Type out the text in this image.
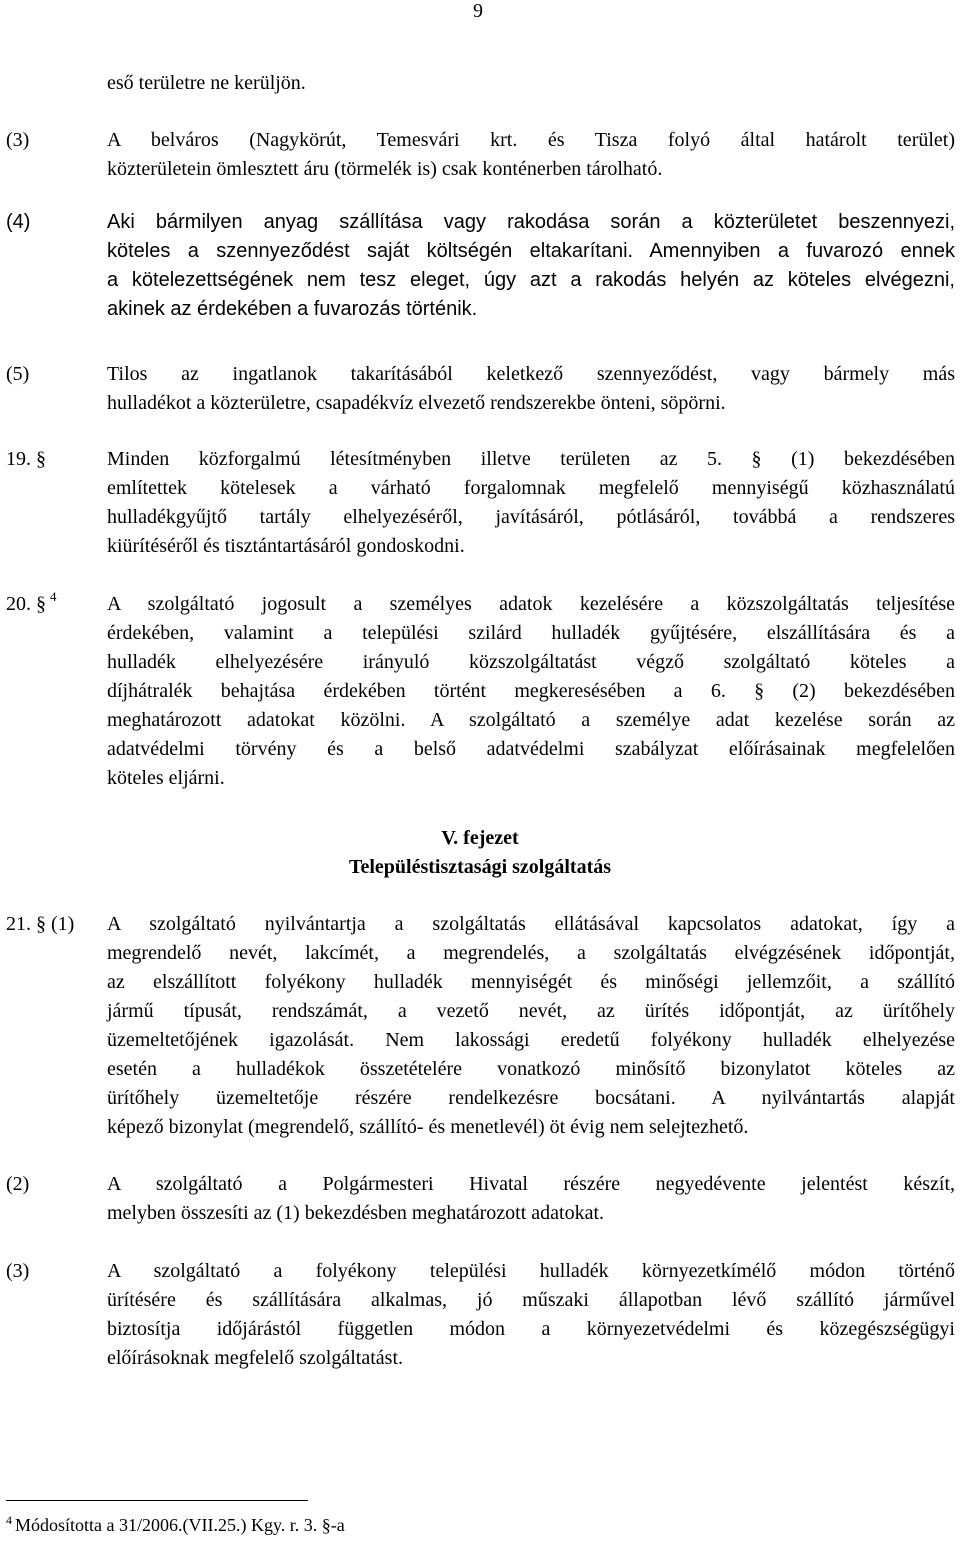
9
eső területre ne kerüljön.
(3)	A belváros (Nagykörút, Temesvári krt. és Tisza folyó által határolt terület)
közterületein ömlesztett áru (törmelék is) csak konténerben tárolható.
(4)	Aki bármilyen anyag szállítása vagy rakodása során a közterületet beszennyezi,
köteles a szennyeződést saját költségén eltakarítani. Amennyiben a fuvarozó ennek
a kötelezettségének nem tesz eleget, úgy azt a rakodás helyén az köteles elvégezni,
akinek az érdekében a fuvarozás történik.
(5)	Tilos az ingatlanok takarításából keletkező szennyeződést, vagy bármely más
hulladékot a közterületre, csapadékvíz elvezető rendszerekbe önteni, söpörni.
19. §	Minden közforgalmú létesítményben illetve területen az 5. § (1) bekezdésében
említettek kötelesek a várható forgalomnak megfelelő mennyiségű közhasználatú
hulladékgyűjtő tartály elhelyezéséről, javításáról, pótlásáról, továbbá a rendszeres
kiürítéséről és tisztántartásáról gondoskodni.
20. § $^4$	A szolgáltató jogosult a személyes adatok kezelésére a közszolgáltatás teljesítése
érdekében, valamint a települési szilárd hulladék gyűjtésére, elszállítására és a
hulladék elhelyezésére irányuló közszolgáltatást végző szolgáltató köteles a
díjhátralék behajtása érdekében történt megkeresésében a 6. § (2) bekezdésében
meghatározott adatokat közölni. A szolgáltató a személye adat kezelése során az
adatvédelmi törvény és a belső adatvédelmi szabályzat előírásainak megfelelően
köteles eljárni.
21. § (1) A szolgáltató nyilvántartja a szolgáltatás ellátásával kapcsolatos adatokat, így a
megrendelő nevét, lakcímét, a megrendelés, a szolgáltatás elvégzésének időpontját,
az elszállított folyékony hulladék mennyiségét és minőségi jellemzőit, a szállító
jármű típusát, rendszámát, a vezető nevét, az ürítés időpontját, az ürítőhely
üzemeltetőjének igazolását. Nem lakossági eredetű folyékony hulladék elhelyezése
esetén a hulladékok összetételére vonatkozó minősítő bizonylatot köteles az
ürítőhely üzemeltetője részére rendelkezésre bocsátani. A nyilvántartás alapját
képező bizonylat (megrendelő, szállító- és menetlevél) öt évig nem selejtezhető.
(2)	A szolgáltató a Polgármesteri Hivatal részére negyedévente jelentést készít,
melyben összesíti az (1) bekezdésben meghatározott adatokat.
(3)	A szolgáltató a folyékony települési hulladék környezetkímélő módon történő
ürítésére és szállítására alkalmas, jó műszaki állapotban lévő szállító járművel
biztosítja időjárástól független módon a környezetvédelmi és közegészségügyi
előírásoknak megfelelő szolgáltatást.
V. fejezet
Településtisztasági szolgáltatás
$^4$ Módosította a 31/2006.(VII.25.) Kgy. r. 3. §-a
